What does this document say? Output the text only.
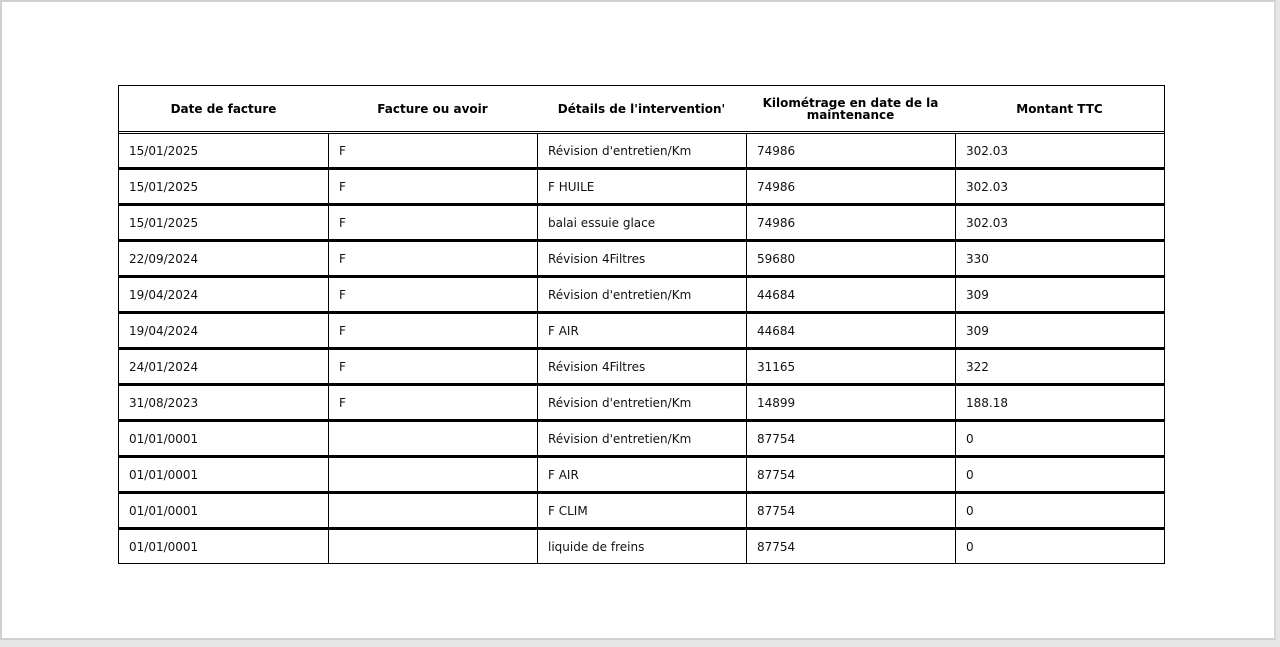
Date de facture	Facture ou avoir	Détails de l'intervention'	Kilométrage en date de la maintenance	Montant TTC
15/01/2025	F	Révision d'entretien/Km	74986	302.03
15/01/2025	F	F HUILE	74986	302.03
15/01/2025	F	balai essuie glace	74986	302.03
22/09/2024	F	Révision 4Filtres	59680	330
19/04/2024	F	Révision d'entretien/Km	44684	309
19/04/2024	F	F AIR	44684	309
24/01/2024	F	Révision 4Filtres	31165	322
31/08/2023	F	Révision d'entretien/Km	14899	188.18
01/01/0001		Révision d'entretien/Km	87754	0
01/01/0001		F AIR	87754	0
01/01/0001		F CLIM	87754	0
01/01/0001		liquide de freins	87754	0
